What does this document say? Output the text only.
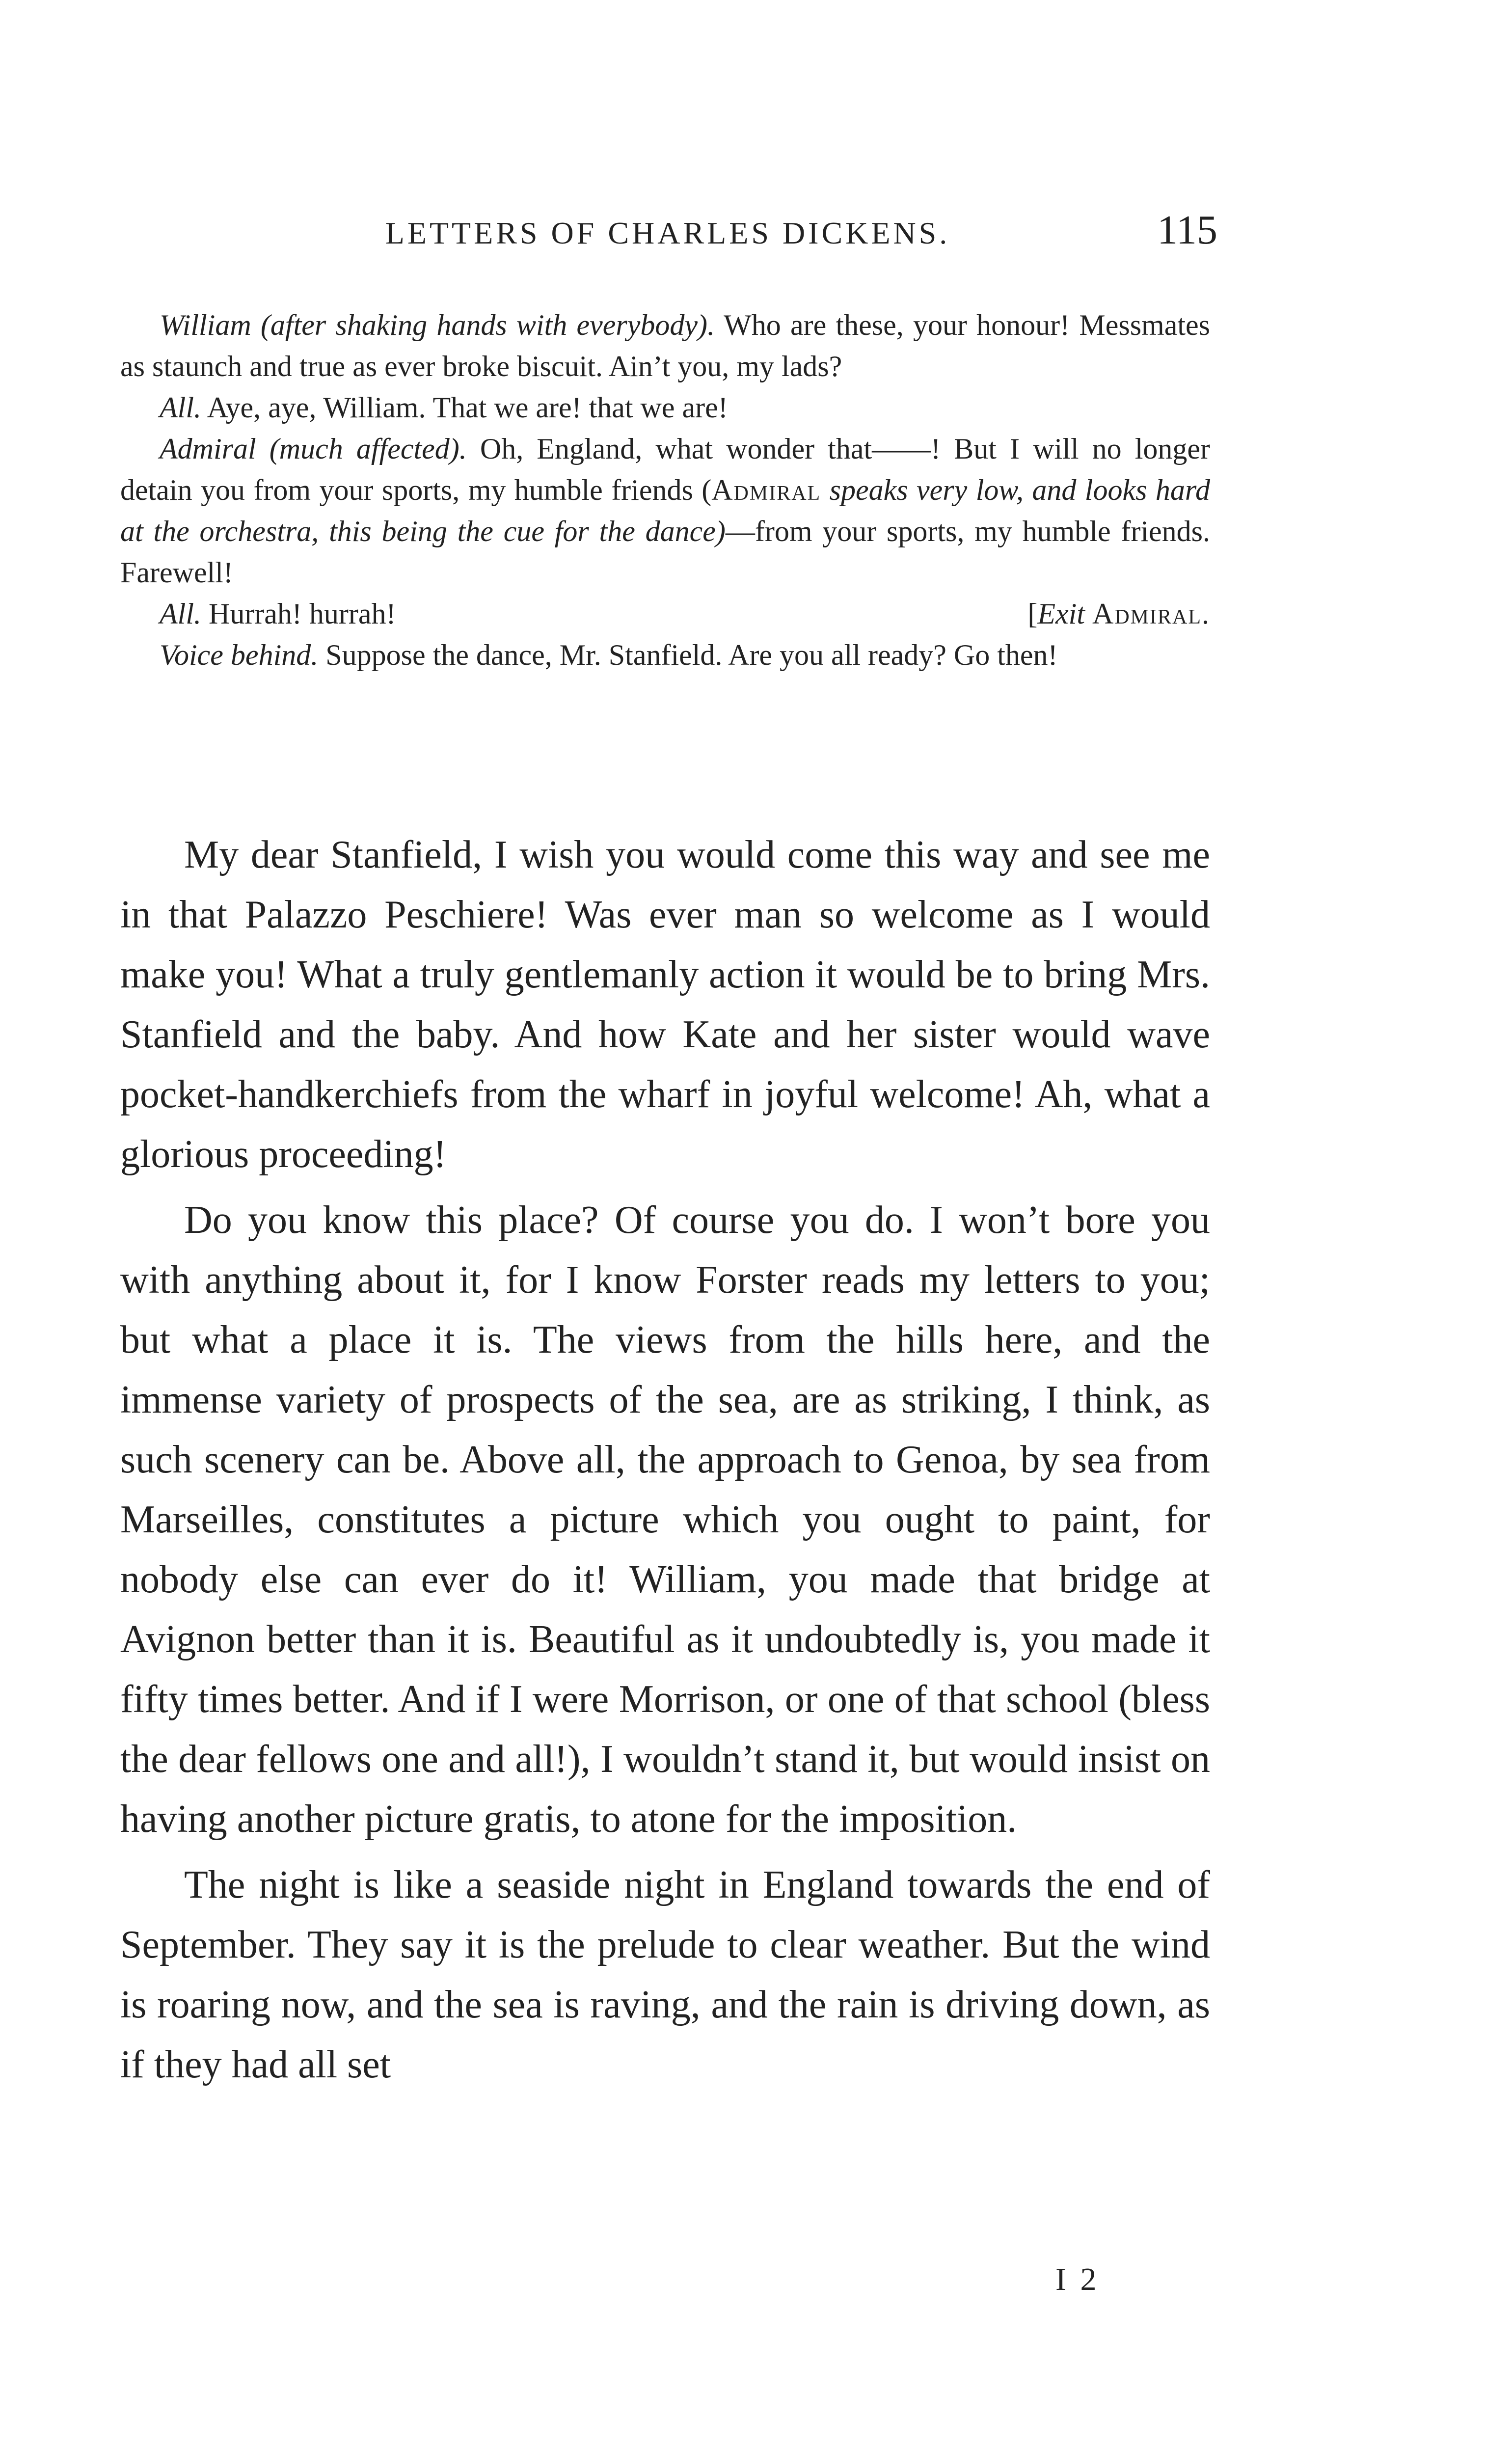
LETTERS OF CHARLES DICKENS.	115

William (after shaking hands with everybody). Who are these, your honour! Messmates as staunch and true as ever broke biscuit. Ain’t you, my lads?

All. Aye, aye, William. That we are! that we are!

Admiral (much affected). Oh, England, what wonder that——! But I will no longer detain you from your sports, my humble friends (Admiral speaks very low, and looks hard at the orchestra, this being the cue for the dance)—from your sports, my humble friends. Farewell!

All. Hurrah! hurrah!	[Exit Admiral.

Voice behind. Suppose the dance, Mr. Stanfield. Are you all ready? Go then!

My dear Stanfield, I wish you would come this way and see me in that Palazzo Peschiere! Was ever man so welcome as I would make you! What a truly gentlemanly action it would be to bring Mrs. Stanfield and the baby. And how Kate and her sister would wave pocket-handkerchiefs from the wharf in joyful welcome! Ah, what a glorious proceeding!

Do you know this place? Of course you do. I won’t bore you with anything about it, for I know Forster reads my letters to you; but what a place it is. The views from the hills here, and the immense variety of prospects of the sea, are as striking, I think, as such scenery can be. Above all, the approach to Genoa, by sea from Marseilles, constitutes a picture which you ought to paint, for nobody else can ever do it! William, you made that bridge at Avignon better than it is. Beautiful as it undoubtedly is, you made it fifty times better. And if I were Morrison, or one of that school (bless the dear fellows one and all!), I wouldn’t stand it, but would insist on having another picture gratis, to atone for the imposition.

The night is like a seaside night in England towards the end of September. They say it is the prelude to clear weather. But the wind is roaring now, and the sea is raving, and the rain is driving down, as if they had all set

I 2
